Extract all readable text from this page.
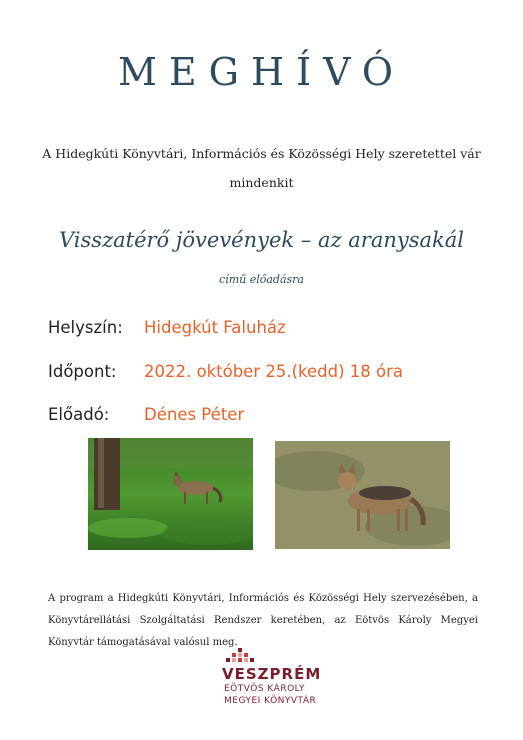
MEGHÍVÓ
A Hidegkúti Könyvtári, Információs és Közösségi Hely szeretettel vár
mindenkit
Visszatérő jövevények – az aranysakál
című előadásra
Helyszín: Hidegkút Faluház
Időpont: 2022. október 25.(kedd) 18 óra
Előadó: Dénes Péter
A program a Hidegkúti Könyvtári, Információs és Közösségi Hely szervezésében, a Könyvtárellátási Szolgáltatási Rendszer keretében, az Eötvös Károly Megyei Könyvtár támogatásával valósul meg.
VESZPRÉM
EÖTVÖS KÁROLY
MEGYEI KÖNYVTÁR
